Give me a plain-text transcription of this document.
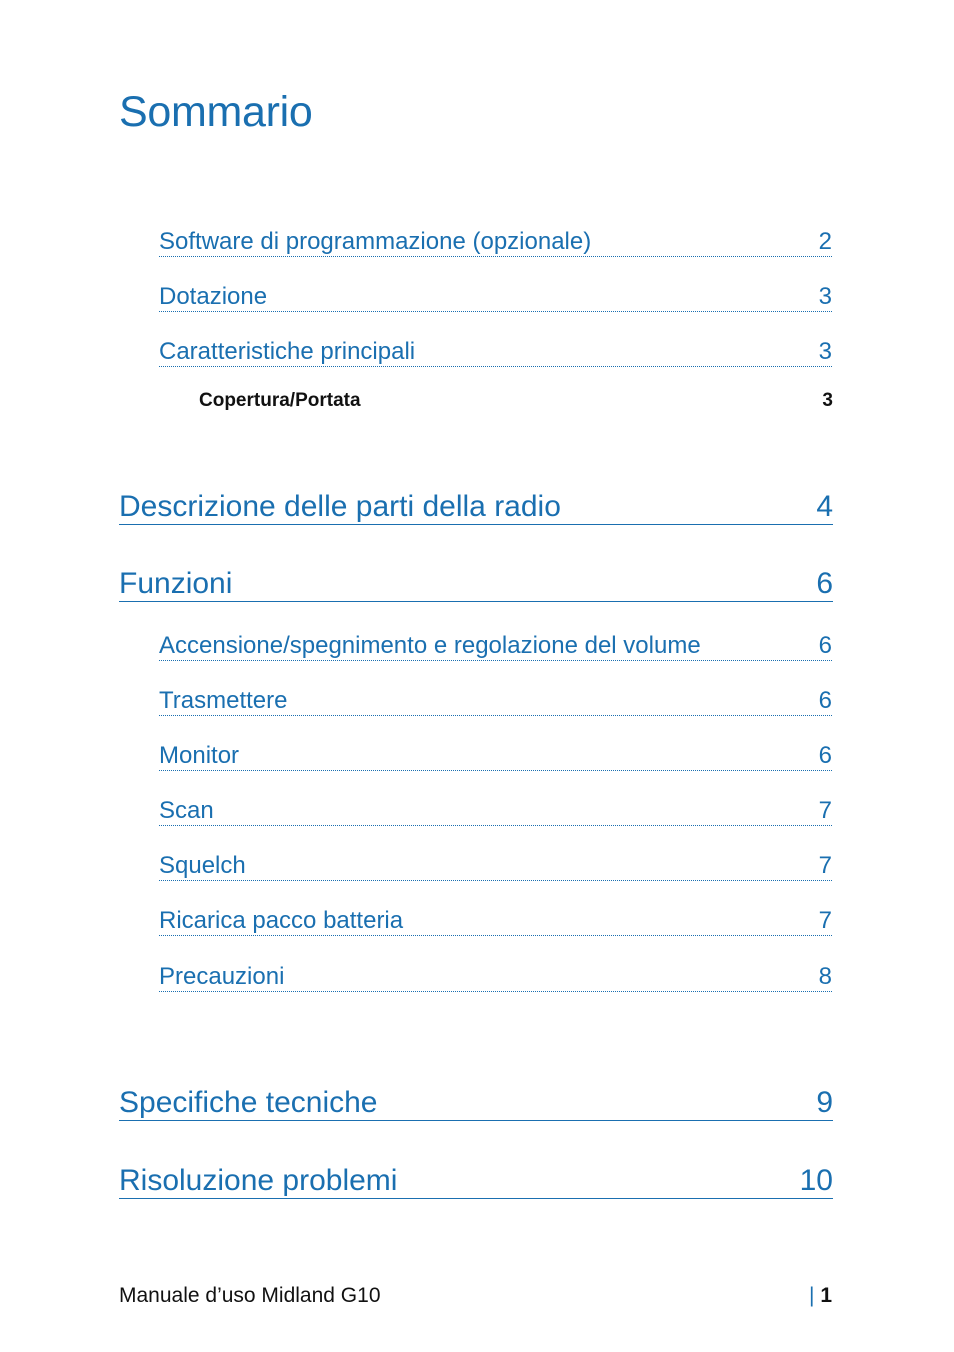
Sommario
Software di programmazione (opzionale)	2
Dotazione	3
Caratteristiche principali	3
Copertura/Portata	3
Descrizione delle parti della radio	4
Funzioni	6
Accensione/spegnimento e regolazione del volume	6
Trasmettere	6
Monitor	6
Scan	7
Squelch	7
Ricarica pacco batteria	7
Precauzioni	8
Specifiche tecniche	9
Risoluzione problemi	10
Manuale d’uso Midland G10	| 1
